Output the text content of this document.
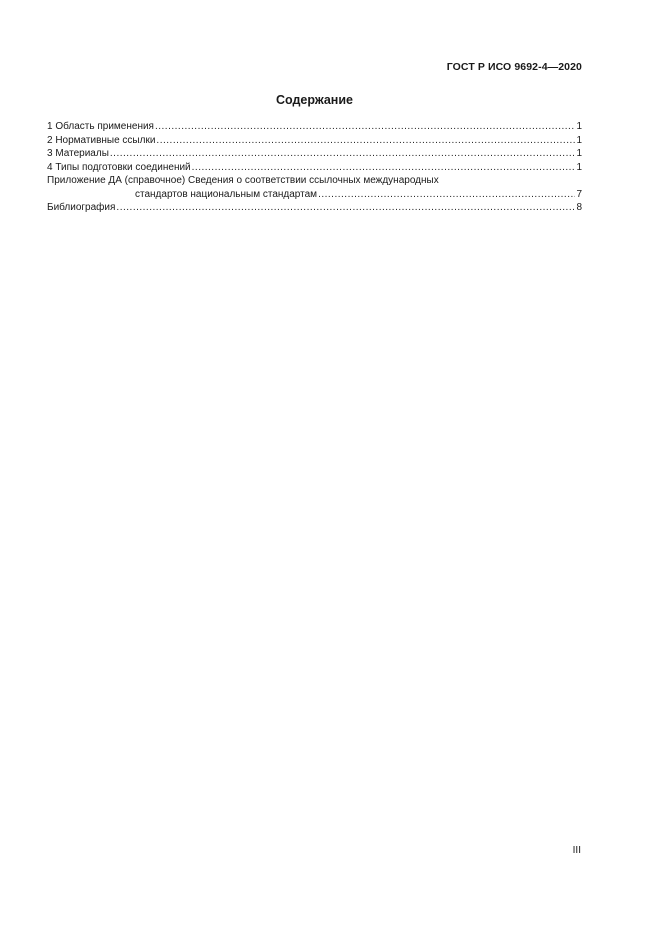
ГОСТ Р ИСО 9692-4—2020
Содержание
1 Область применения .....	1
2 Нормативные ссылки .....	1
3 Материалы .....	1
4 Типы подготовки соединений .....	1
Приложение ДА (справочное) Сведения о соответствии ссылочных международных
стандартов национальным стандартам .....	7
Библиография .....	8
III
